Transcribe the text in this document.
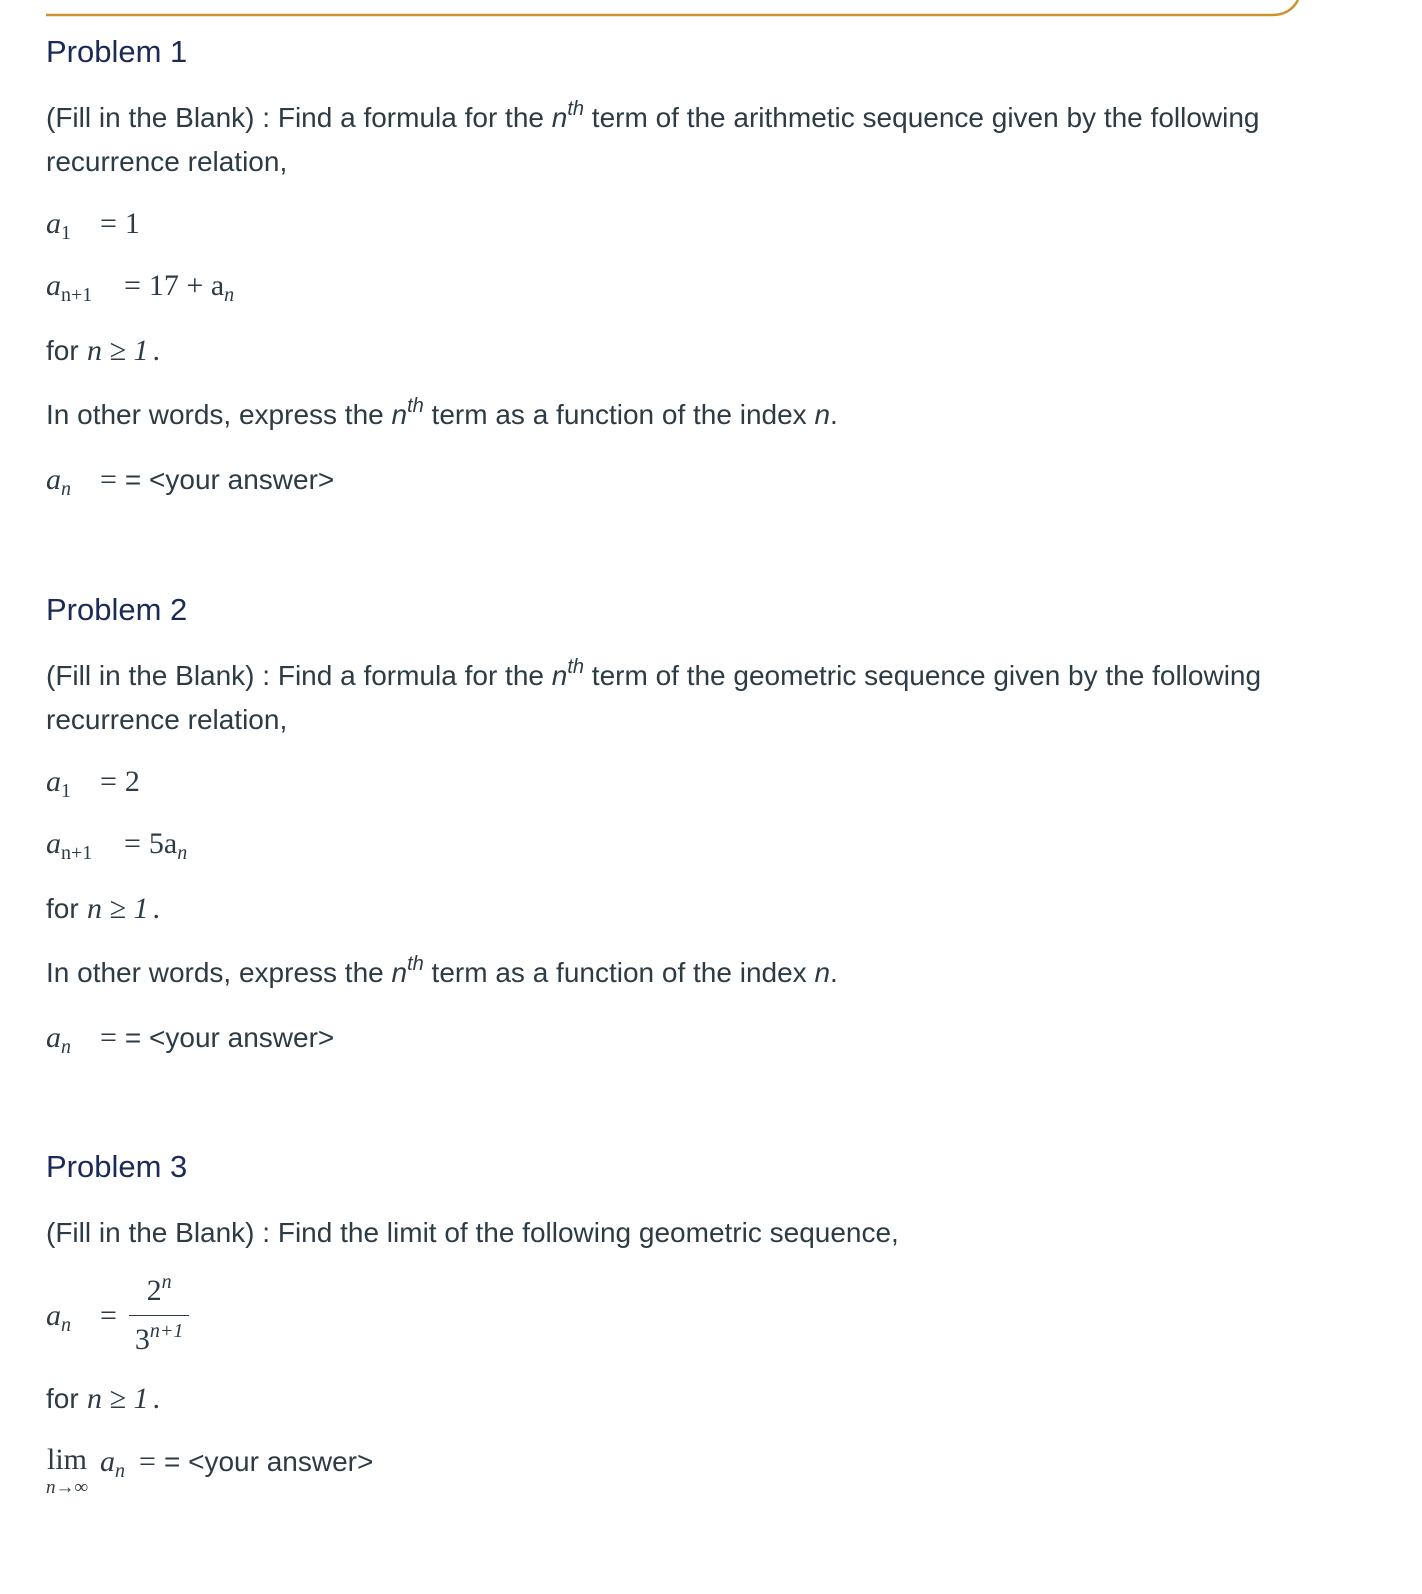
Problem 1
(Fill in the Blank) : Find a formula for the $n^{th}$ term of the arithmetic sequence given by the following
recurrence relation,
$a_1 = 1$
$a_{n+1} = 17 + a_n$
for n ≥ 1 .
In other words, express the $n^{th}$ term as a function of the index n.
$a_n$ = = <your answer>
Problem 2
(Fill in the Blank) : Find a formula for the $n^{th}$ term of the geometric sequence given by the following
recurrence relation,
$a_1 = 2$
$a_{n+1} = 5a_n$
for n ≥ 1 .
In other words, express the $n^{th}$ term as a function of the index n.
$a_n$ = = <your answer>
Problem 3
(Fill in the Blank) : Find the limit of the following geometric sequence,
$a_n = \frac{2^n}{3^{n+1}}$
for n ≥ 1 .
lim
n→∞
$a_n$ = = <your answer>
